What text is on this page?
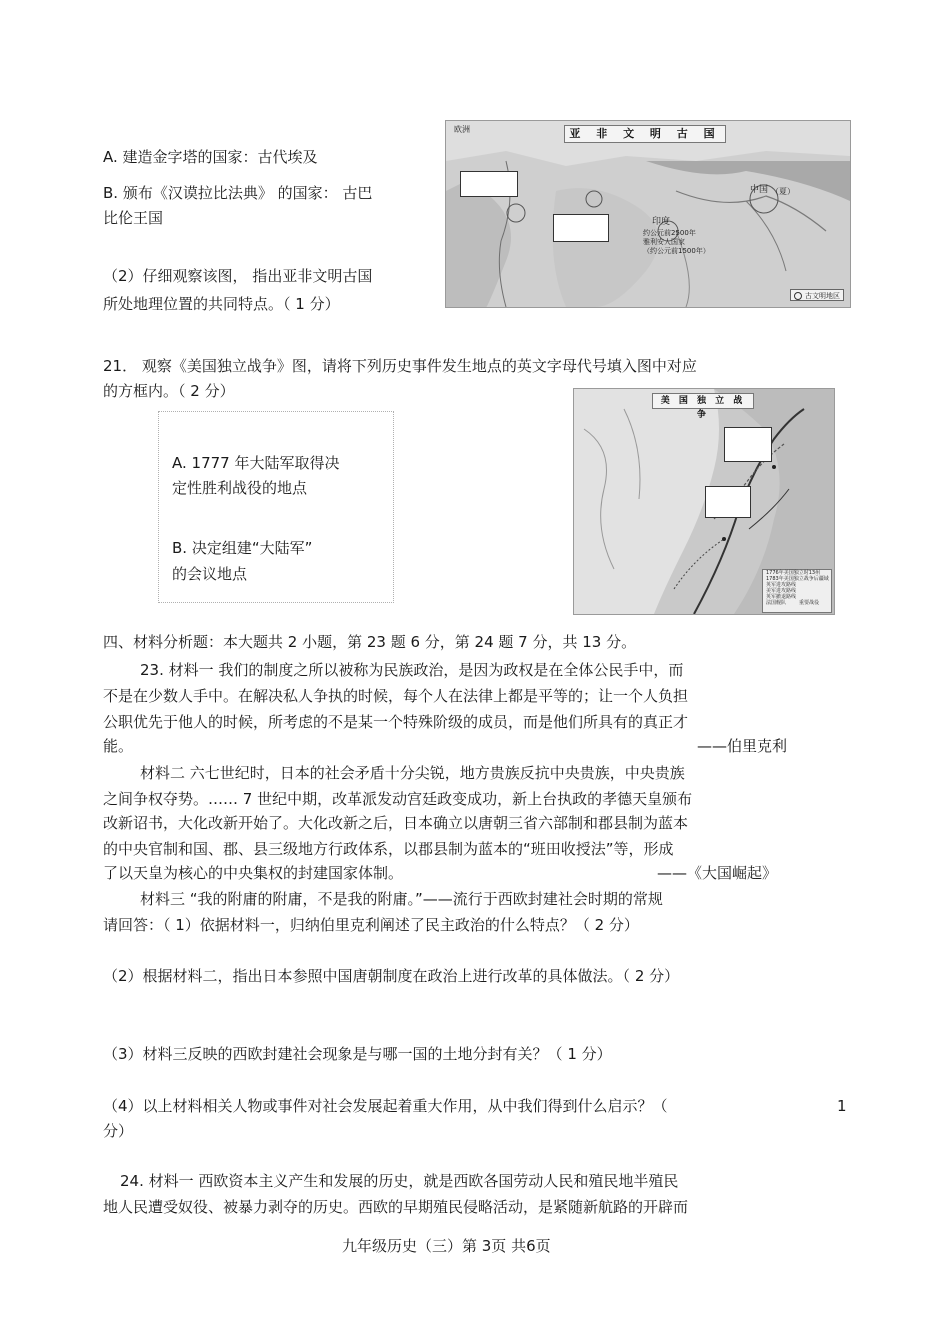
A. 建造金字塔的国家：古代埃及
B. 颁布《汉谟拉比法典》 的国家： 古巴
比伦王国
（2）仔细观察该图， 指出亚非文明古国
所处地理位置的共同特点。（ 1 分）
亚 非 文 明 古 国
欧洲
中国 （夏）
印度
约公元前2500年
雅利安人国家
（约公元前1500年）
古文明地区
21． 观察《美国独立战争》图，请将下列历史事件发生地点的英文字母代号填入图中对应
的方框内。（ 2 分）
A. 1777 年大陆军取得决
定性胜利战役的地点
B. 决定组建“大陆军”
的会议地点
美 国 独 立 战 争
1776年美国独立时13州
1783年美国独立战争后疆域
英军进攻路线
美军进攻路线
英军撤退路线
法国舰队	重要战役
四、材料分析题：本大题共 2 小题，第 23 题 6 分，第 24 题 7 分，共 13 分。
23. 材料一 我们的制度之所以被称为民族政治，是因为政权是在全体公民手中，而
不是在少数人手中。在解决私人争执的时候，每个人在法律上都是平等的；让一个人负担
公职优先于他人的时候，所考虑的不是某一个特殊阶级的成员，而是他们所具有的真正才
能。	——伯里克利
材料二 六七世纪时，日本的社会矛盾十分尖锐，地方贵族反抗中央贵族，中央贵族
之间争权夺势。…… 7 世纪中期，改革派发动宫廷政变成功，新上台执政的孝德天皇颁布
改新诏书，大化改新开始了。大化改新之后，日本确立以唐朝三省六部制和郡县制为蓝本
的中央官制和国、郡、县三级地方行政体系，以郡县制为蓝本的“班田收授法”等，形成
了以天皇为核心的中央集权的封建国家体制。	——《大国崛起》
材料三 “我的附庸的附庸，不是我的附庸。”——流行于西欧封建社会时期的常规
请回答：（ 1）依据材料一，归纳伯里克利阐述了民主政治的什么特点？（ 2 分）
（2）根据材料二，指出日本参照中国唐朝制度在政治上进行改革的具体做法。（ 2 分）
（3）材料三反映的西欧封建社会现象是与哪一国的土地分封有关？（ 1 分）
（4）以上材料相关人物或事件对社会发展起着重大作用，从中我们得到什么启示？（	1
分）
24. 材料一 西欧资本主义产生和发展的历史，就是西欧各国劳动人民和殖民地半殖民
地人民遭受奴役、被暴力剥夺的历史。西欧的早期殖民侵略活动，是紧随新航路的开辟而
九年级历史（三）第 3页 共6页
